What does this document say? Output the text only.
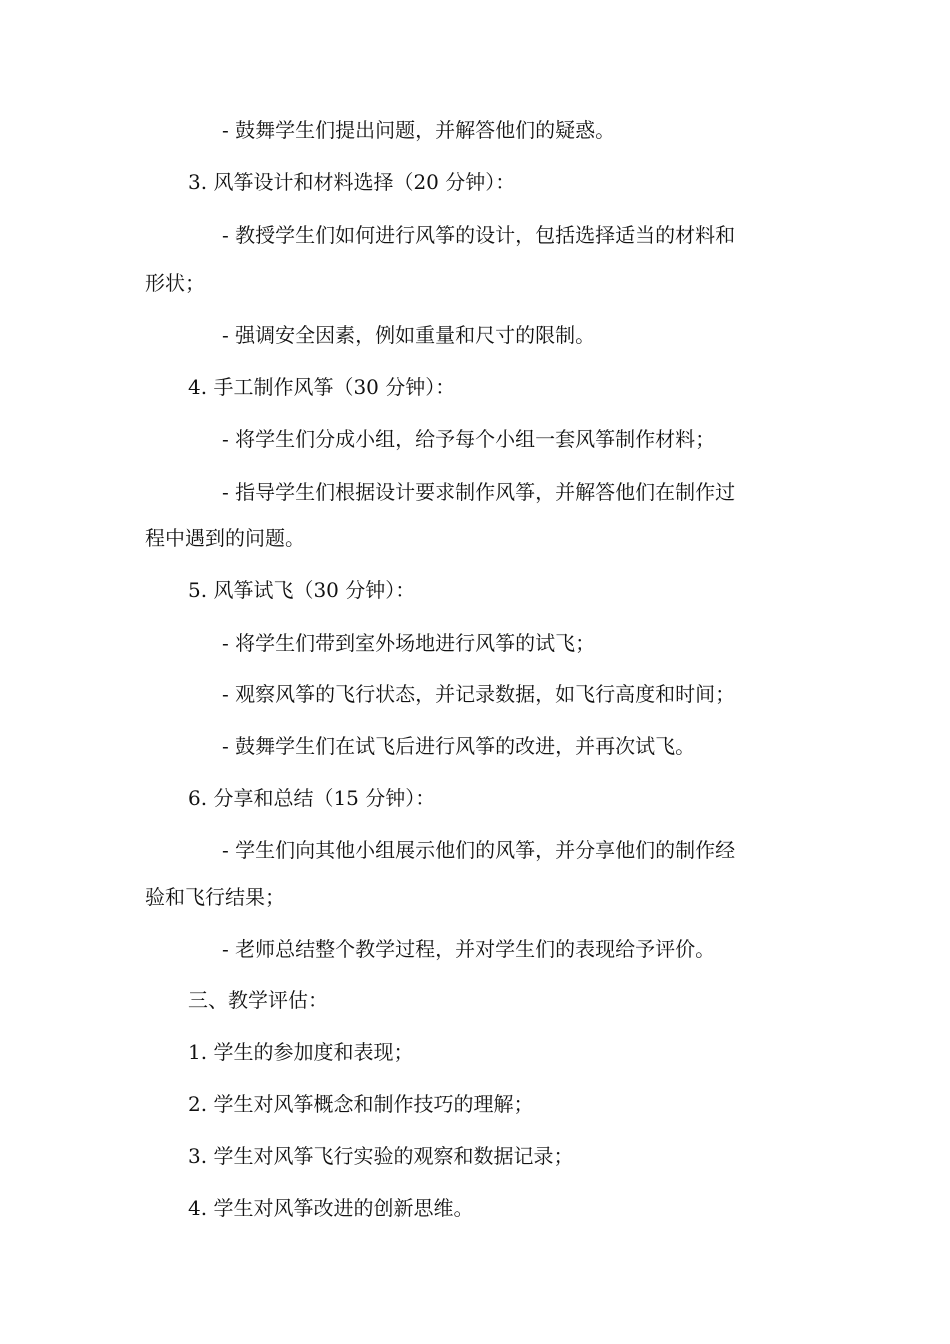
- 鼓舞学生们提出问题，并解答他们的疑惑。
3. 风筝设计和材料选择（20 分钟）：
- 教授学生们如何进行风筝的设计，包括选择适当的材料和
形状；
- 强调安全因素，例如重量和尺寸的限制。
4. 手工制作风筝（30 分钟）：
- 将学生们分成小组，给予每个小组一套风筝制作材料；
- 指导学生们根据设计要求制作风筝，并解答他们在制作过
程中遇到的问题。
5. 风筝试飞（30 分钟）：
- 将学生们带到室外场地进行风筝的试飞；
- 观察风筝的飞行状态，并记录数据，如飞行高度和时间；
- 鼓舞学生们在试飞后进行风筝的改进，并再次试飞。
6. 分享和总结（15 分钟）：
- 学生们向其他小组展示他们的风筝，并分享他们的制作经
验和飞行结果；
- 老师总结整个教学过程，并对学生们的表现给予评价。
三、教学评估：
1. 学生的参加度和表现；
2. 学生对风筝概念和制作技巧的理解；
3. 学生对风筝飞行实验的观察和数据记录；
4. 学生对风筝改进的创新思维。
